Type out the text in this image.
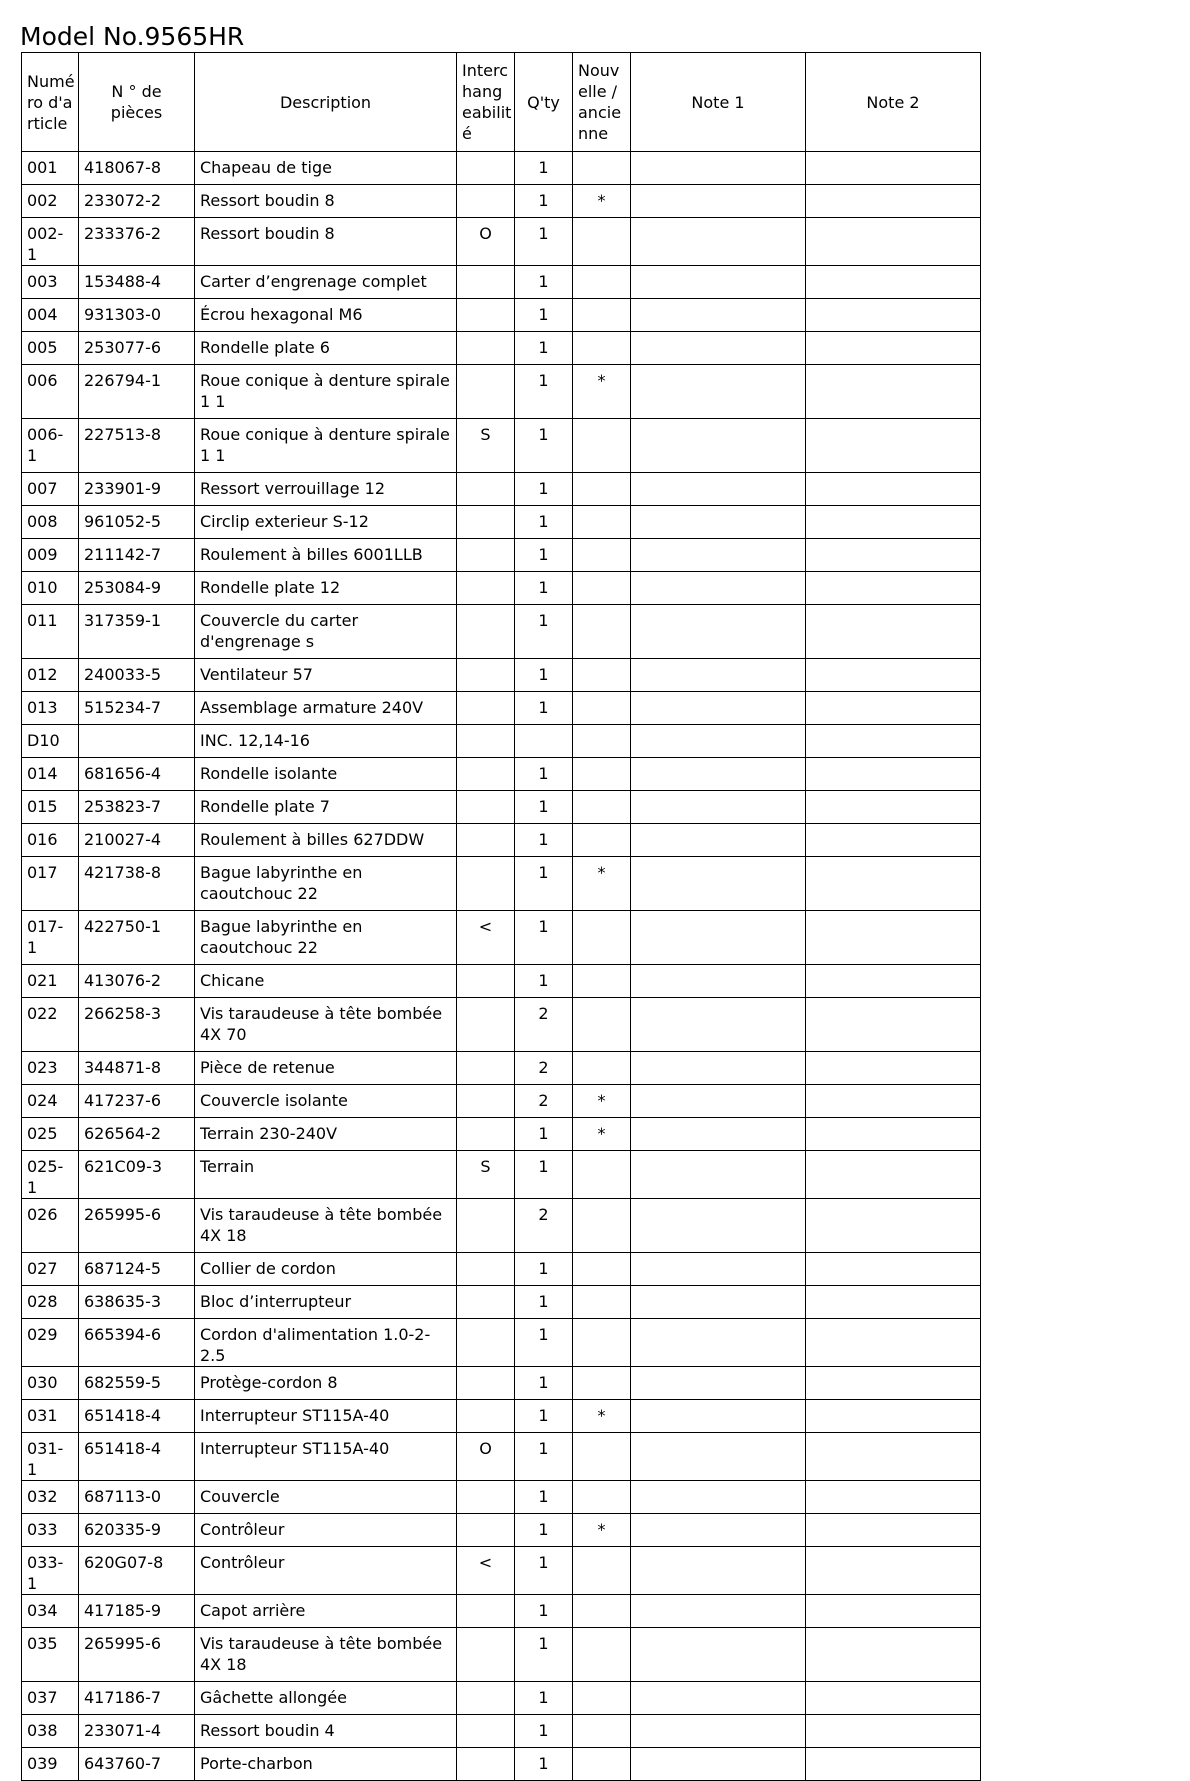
Model No.9565HR
Numé ro d'a rticle	N ° de pièces	Description	Interc hang eabilit é	Q'ty	Nouv elle / ancie nne	Note 1	Note 2
001	418067-8	Chapeau de tige		1			
002	233072-2	Ressort boudin 8		1	*		
002-1	233376-2	Ressort boudin 8	O	1			
003	153488-4	Carter d’engrenage complet		1			
004	931303-0	Écrou hexagonal M6		1			
005	253077-6	Rondelle plate 6		1			
006	226794-1	Roue conique à denture spirale 1 1		1	*		
006-1	227513-8	Roue conique à denture spirale 1 1	S	1			
007	233901-9	Ressort verrouillage 12		1			
008	961052-5	Circlip exterieur S-12		1			
009	211142-7	Roulement à billes 6001LLB		1			
010	253084-9	Rondelle plate 12		1			
011	317359-1	Couvercle du carter d'engrenage s		1			
012	240033-5	Ventilateur 57		1			
013	515234-7	Assemblage armature 240V		1			
D10		INC. 12,14-16					
014	681656-4	Rondelle isolante		1			
015	253823-7	Rondelle plate 7		1			
016	210027-4	Roulement à billes 627DDW		1			
017	421738-8	Bague labyrinthe en caoutchouc 22		1	*		
017-1	422750-1	Bague labyrinthe en caoutchouc 22	<	1			
021	413076-2	Chicane		1			
022	266258-3	Vis taraudeuse à tête bombée 4X 70		2			
023	344871-8	Pièce de retenue		2			
024	417237-6	Couvercle isolante		2	*		
025	626564-2	Terrain 230-240V		1	*		
025-1	621C09-3	Terrain	S	1			
026	265995-6	Vis taraudeuse à tête bombée 4X 18		2			
027	687124-5	Collier de cordon		1			
028	638635-3	Bloc d’interrupteur		1			
029	665394-6	Cordon d'alimentation 1.0-2-2.5		1			
030	682559-5	Protège-cordon 8		1			
031	651418-4	Interrupteur ST115A-40		1	*		
031-1	651418-4	Interrupteur ST115A-40	O	1			
032	687113-0	Couvercle		1			
033	620335-9	Contrôleur		1	*		
033-1	620G07-8	Contrôleur	<	1			
034	417185-9	Capot arrière		1			
035	265995-6	Vis taraudeuse à tête bombée 4X 18		1			
037	417186-7	Gâchette allongée		1			
038	233071-4	Ressort boudin 4		1			
039	643760-7	Porte-charbon		1			
